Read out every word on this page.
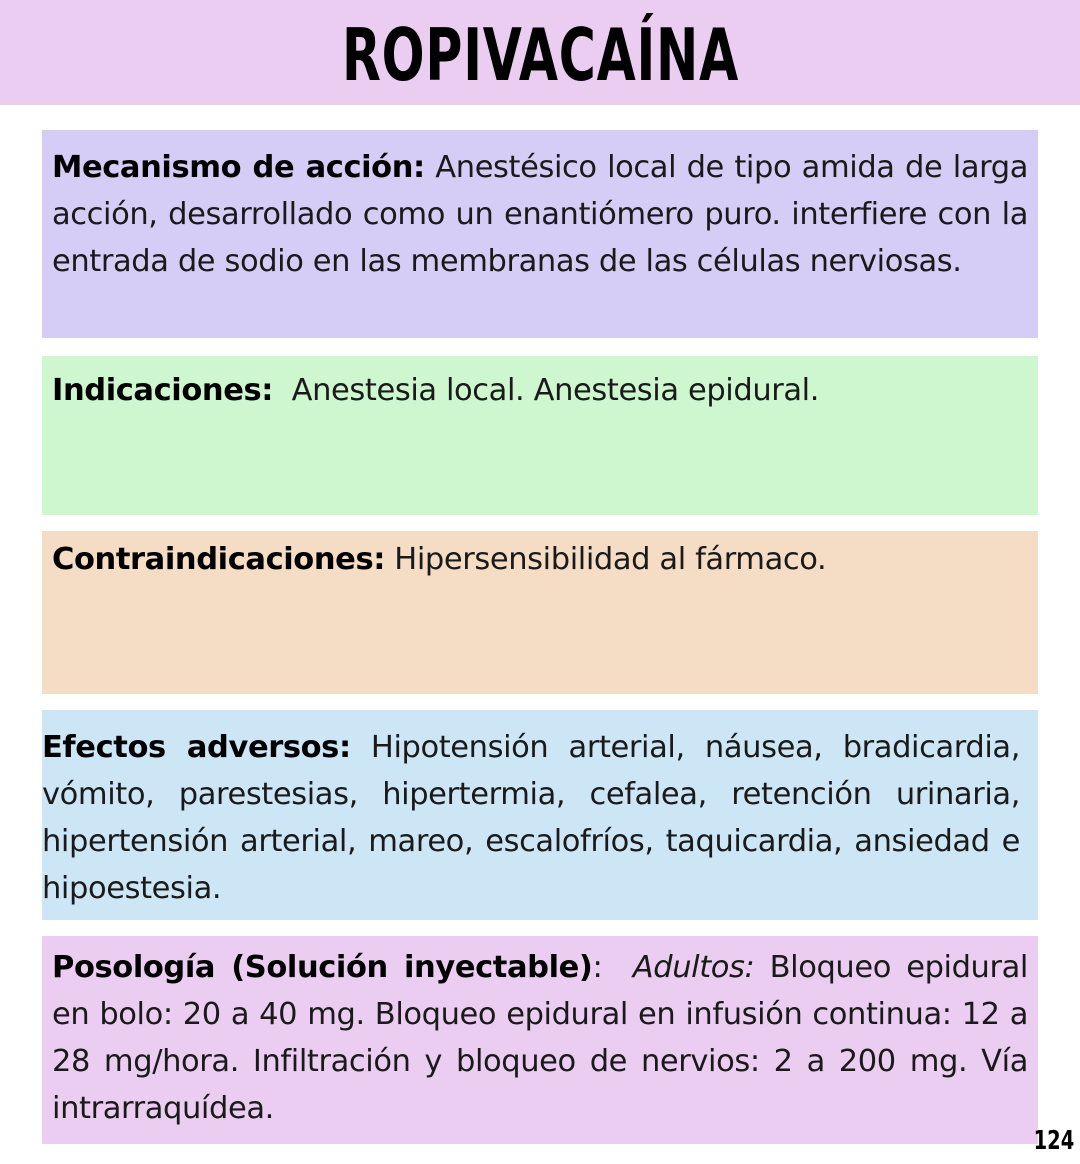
ROPIVACAÍNA
Mecanismo de acción: Anestésico local de tipo amida de larga acción, desarrollado como un enantiómero puro. interfiere con la entrada de sodio en las membranas de las células nerviosas.
Indicaciones:  Anestesia local. Anestesia epidural.
Contraindicaciones: Hipersensibilidad al fármaco.
Efectos adversos: Hipotensión arterial, náusea, bradicardia, vómito, parestesias, hipertermia, cefalea, retención urinaria, hipertensión arterial, mareo, escalofríos, taquicardia, ansiedad e hipoestesia.
Posología (Solución inyectable):  Adultos: Bloqueo epidural en bolo: 20 a 40 mg. Bloqueo epidural en infusión continua: 12 a 28 mg/hora. Infiltración y bloqueo de nervios: 2 a 200 mg. Vía intrarraquídea.
124
